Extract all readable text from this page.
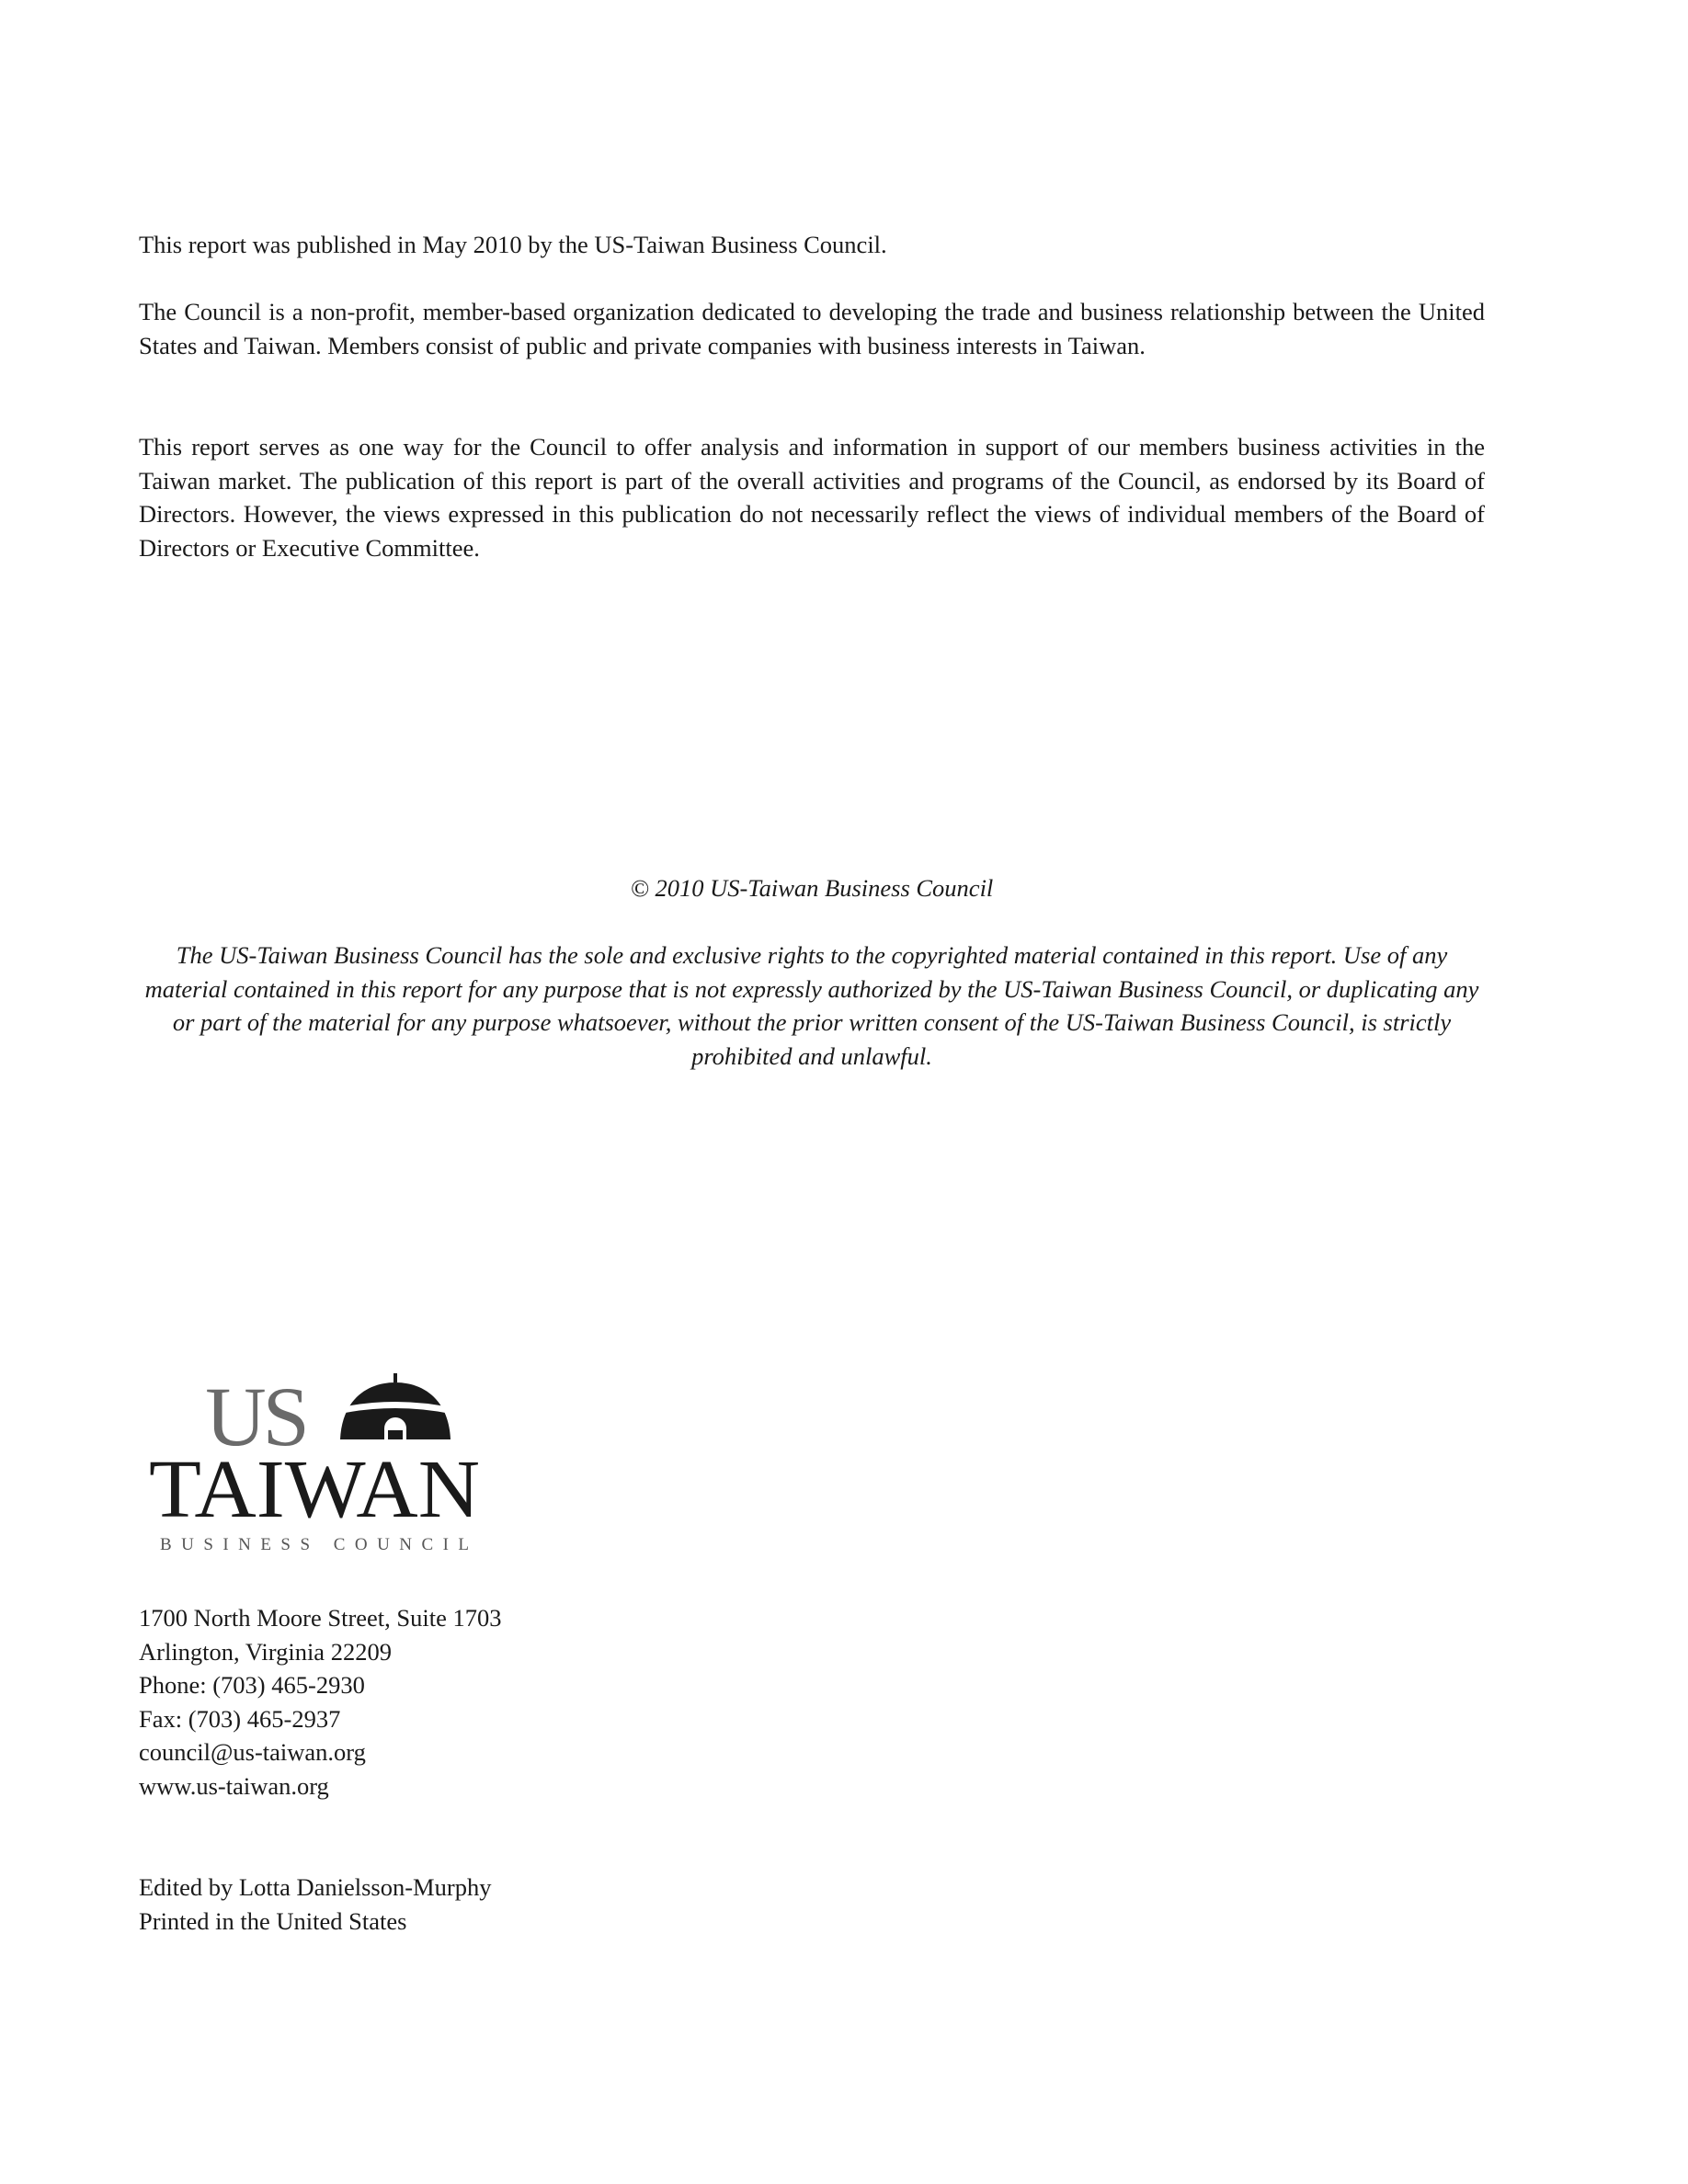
This report was published in May 2010 by the US-Taiwan Business Council.

The Council is a non-profit, member-based organization dedicated to developing the trade and business relationship between the United States and Taiwan. Members consist of public and private companies with business interests in Taiwan.

This report serves as one way for the Council to offer analysis and information in support of our members business activities in the Taiwan market. The publication of this report is part of the overall activities and programs of the Council, as endorsed by its Board of Directors. However, the views expressed in this publication do not necessarily reflect the views of individual members of the Board of Directors or Executive Committee.

© 2010 US-Taiwan Business Council

The US-Taiwan Business Council has the sole and exclusive rights to the copyrighted material contained in this report. Use of any material contained in this report for any purpose that is not expressly authorized by the US-Taiwan Business Council, or duplicating any or part of the material for any purpose whatsoever, without the prior written consent of the US-Taiwan Business Council, is strictly prohibited and unlawful.

US
TAIWAN
BUSINESS COUNCIL
1700 North Moore Street, Suite 1703
Arlington, Virginia 22209
Phone: (703) 465-2930
Fax: (703) 465-2937
council@us-taiwan.org
www.us-taiwan.org
Edited by Lotta Danielsson-Murphy
Printed in the United States
